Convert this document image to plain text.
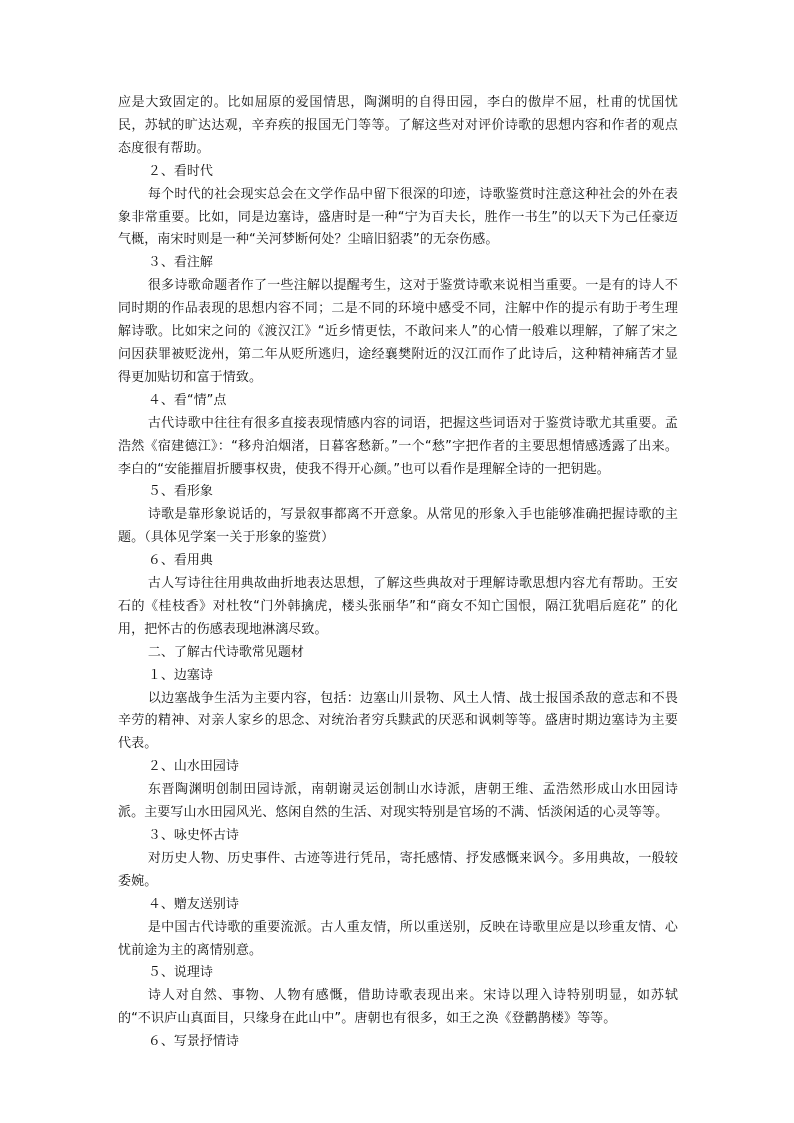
应是大致固定的。比如屈原的爱国情思，陶渊明的自得田园，李白的傲岸不屈，杜甫的忧国忧民，苏轼的旷达达观，辛弃疾的报国无门等等。了解这些对对评价诗歌的思想内容和作者的观点态度很有帮助。

２、看时代

每个时代的社会现实总会在文学作品中留下很深的印迹，诗歌鉴赏时注意这种社会的外在表象非常重要。比如，同是边塞诗，盛唐时是一种“宁为百夫长，胜作一书生”的以天下为己任豪迈气概，南宋时则是一种“关河梦断何处？尘暗旧貂裘”的无奈伤感。

３、看注解

很多诗歌命题者作了一些注解以提醒考生，这对于鉴赏诗歌来说相当重要。一是有的诗人不同时期的作品表现的思想内容不同；二是不同的环境中感受不同，注解中作的提示有助于考生理解诗歌。比如宋之问的《渡汉江》“近乡情更怯，不敢问来人”的心情一般难以理解，了解了宋之问因获罪被贬泷州，第二年从贬所逃归，途经襄樊附近的汉江而作了此诗后，这种精神痛苦才显得更加贴切和富于情致。

４、看“情”点

古代诗歌中往往有很多直接表现情感内容的词语，把握这些词语对于鉴赏诗歌尤其重要。孟浩然《宿建德江》：“移舟泊烟渚，日暮客愁新。”一个“愁”字把作者的主要思想情感透露了出来。李白的“安能摧眉折腰事权贵，使我不得开心颜。”也可以看作是理解全诗的一把钥匙。

５、看形象

诗歌是靠形象说话的，写景叙事都离不开意象。从常见的形象入手也能够准确把握诗歌的主题。（具体见学案一关于形象的鉴赏）

６、看用典

古人写诗往往用典故曲折地表达思想，了解这些典故对于理解诗歌思想内容尤有帮助。王安石的《桂枝香》对杜牧“门外韩擒虎，楼头张丽华”和“商女不知亡国恨，隔江犹唱后庭花” 的化用，把怀古的伤感表现地淋漓尽致。

二、了解古代诗歌常见题材

１、边塞诗

以边塞战争生活为主要内容，包括：边塞山川景物、风土人情、战士报国杀敌的意志和不畏辛劳的精神、对亲人家乡的思念、对统治者穷兵黩武的厌恶和讽刺等等。盛唐时期边塞诗为主要代表。

２、山水田园诗

东晋陶渊明创制田园诗派，南朝谢灵运创制山水诗派，唐朝王维、孟浩然形成山水田园诗派。主要写山水田园风光、悠闲自然的生活、对现实特别是官场的不满、恬淡闲适的心灵等等。

３、咏史怀古诗

对历史人物、历史事件、古迹等进行凭吊，寄托感情、抒发感慨来讽今。多用典故，一般较委婉。

４、赠友送别诗

是中国古代诗歌的重要流派。古人重友情，所以重送别，反映在诗歌里应是以珍重友情、心忧前途为主的离情别意。

５、说理诗

诗人对自然、事物、人物有感慨，借助诗歌表现出来。宋诗以理入诗特别明显，如苏轼的“不识庐山真面目，只缘身在此山中”。唐朝也有很多，如王之涣《登鹳鹊楼》等等。

６、写景抒情诗
